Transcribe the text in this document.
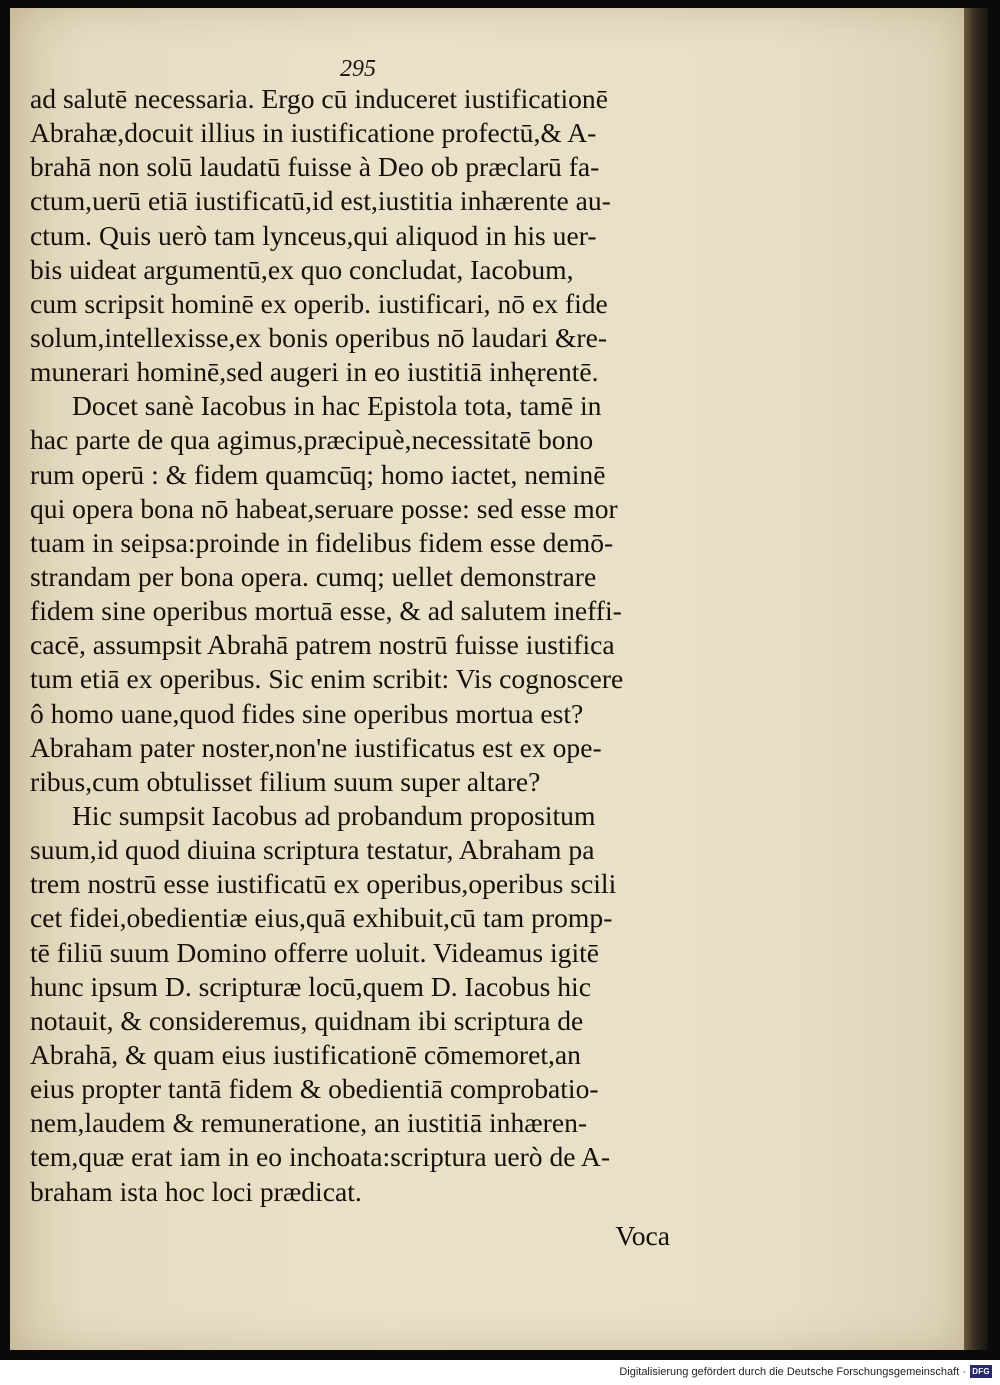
295
ad salutē necessaria. Ergo cū induceret iustificationē
Abrahæ,docuit illius in iustificatione profectū,& A-
brahā non solū laudatū fuisse à Deo ob præclarū fa-
ctum,uerū etiā iustificatū,id est,iustitia inhærente au-
ctum. Quis uerò tam lynceus,qui aliquod in his uer-
bis uideat argumentū,ex quo concludat, Iacobum,
cum scripsit hominē ex operib. iustificari, nō ex fide
solum,intellexisse,ex bonis operibus nō laudari &re-
munerari hominē,sed augeri in eo iustitiā inhęrentē.
Docet sanè Iacobus in hac Epistola tota, tamē in
hac parte de qua agimus,præcipuè,necessitatē bono
rum operū : & fidem quamcūq; homo iactet, neminē
qui opera bona nō habeat,seruare posse: sed esse mor
tuam in seipsa:proinde in fidelibus fidem esse demō-
strandam per bona opera. cumq; uellet demonstrare
fidem sine operibus mortuā esse, & ad salutem ineffi-
cacē, assumpsit Abrahā patrem nostrū fuisse iustifica
tum etiā ex operibus. Sic enim scribit: Vis cognoscere
ô homo uane,quod fides sine operibus mortua est?
Abraham pater noster,non'ne iustificatus est ex ope-
ribus,cum obtulisset filium suum super altare?
Hic sumpsit Iacobus ad probandum propositum
suum,id quod diuina scriptura testatur, Abraham pa
trem nostrū esse iustificatū ex operibus,operibus scili
cet fidei,obedientiæ eius,quā exhibuit,cū tam promp-
tē filiū suum Domino offerre uoluit. Videamus igitē
hunc ipsum D. scripturæ locū,quem D. Iacobus hic
notauit, & consideremus, quidnam ibi scriptura de
Abrahā, & quam eius iustificationē cōmemoret,an
eius propter tantā fidem & obedientiā comprobatio-
nem,laudem & remuneratione, an iustitiā inhæren-
tem,quæ erat iam in eo inchoata:scriptura uerò de A-
braham ista hoc loci prædicat.
Voca
Digitalisierung gefördert durch die Deutsche Forschungsgemeinschaft · DFG
